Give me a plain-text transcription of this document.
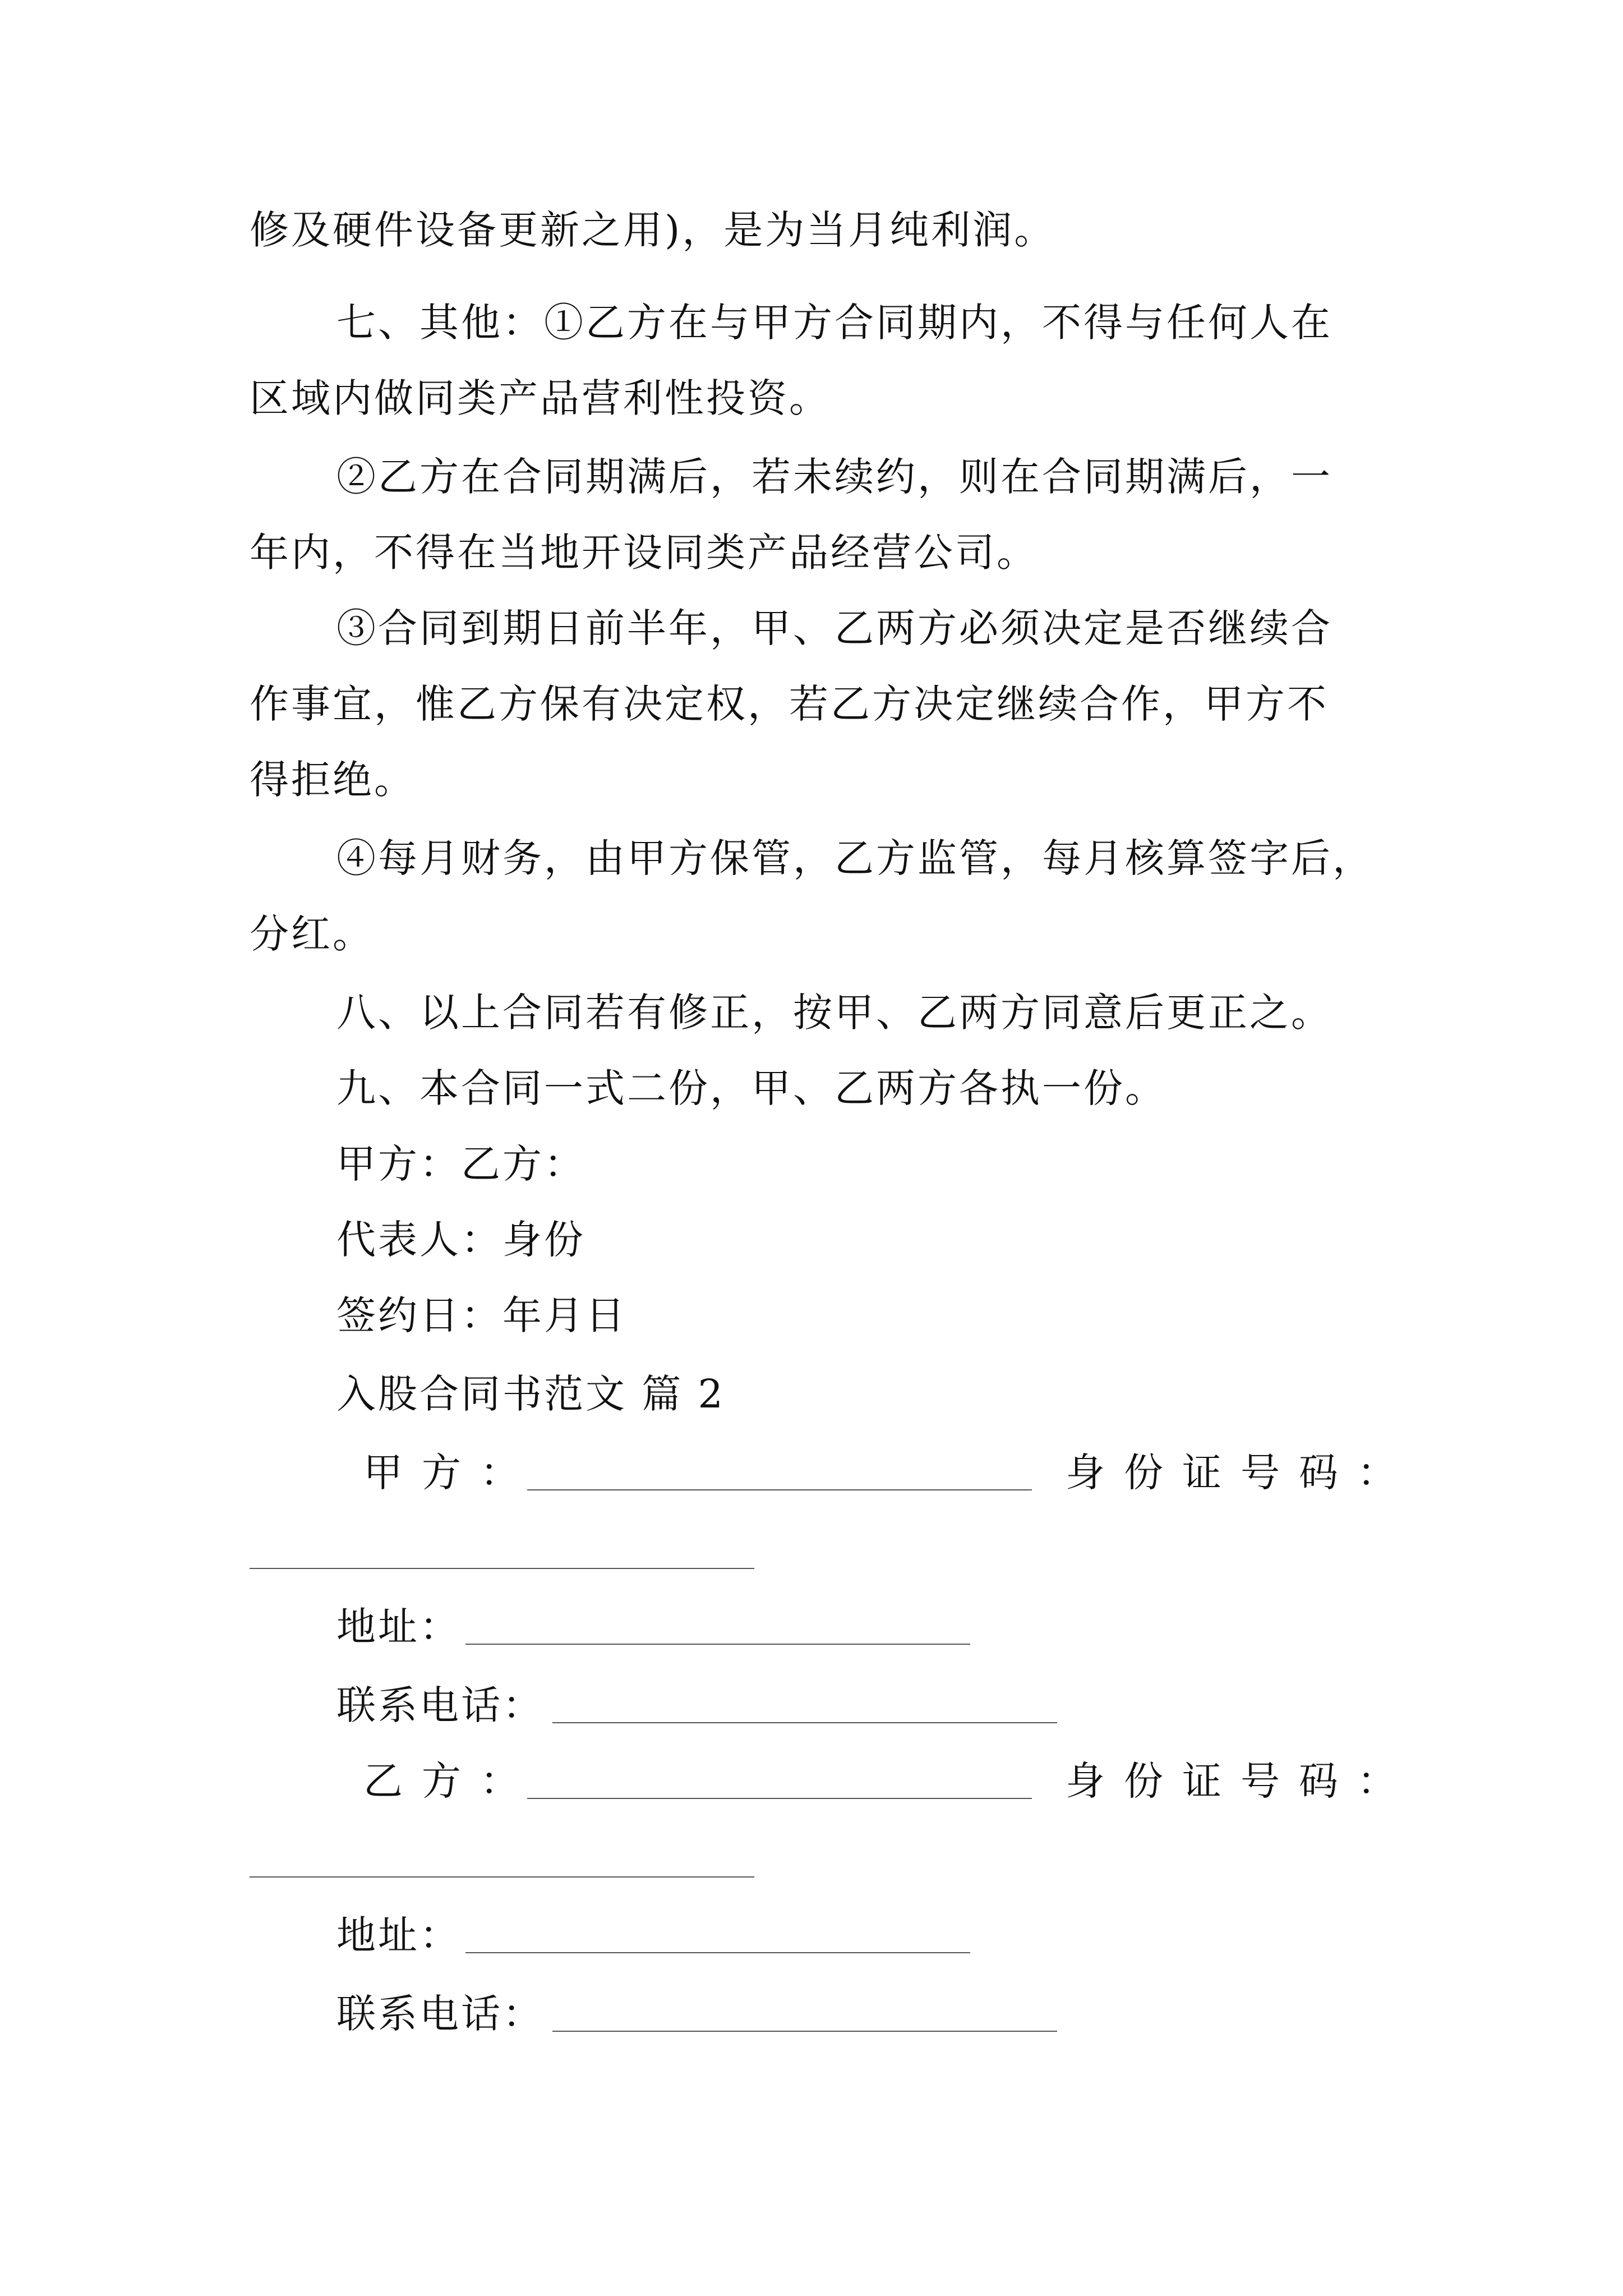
修及硬件设备更新之用)，是为当月纯利润。
七、其他：①乙方在与甲方合同期内，不得与任何人在
区域内做同类产品营利性投资。
②乙方在合同期满后，若未续约，则在合同期满后，一
年内，不得在当地开设同类产品经营公司。
③合同到期日前半年，甲、乙两方必须决定是否继续合
作事宜，惟乙方保有决定权，若乙方决定继续合作，甲方不
得拒绝。
④每月财务，由甲方保管，乙方监管，每月核算签字后，
分红。
八、以上合同若有修正，按甲、乙两方同意后更正之。
九、本合同一式二份，甲、乙两方各执一份。
甲方：乙方：
代表人：身份
签约日：年月日
入股合同书范文 篇 2
甲方：	身份证号码：
地址：
联系电话：
乙方：	身份证号码：
地址：
联系电话：
